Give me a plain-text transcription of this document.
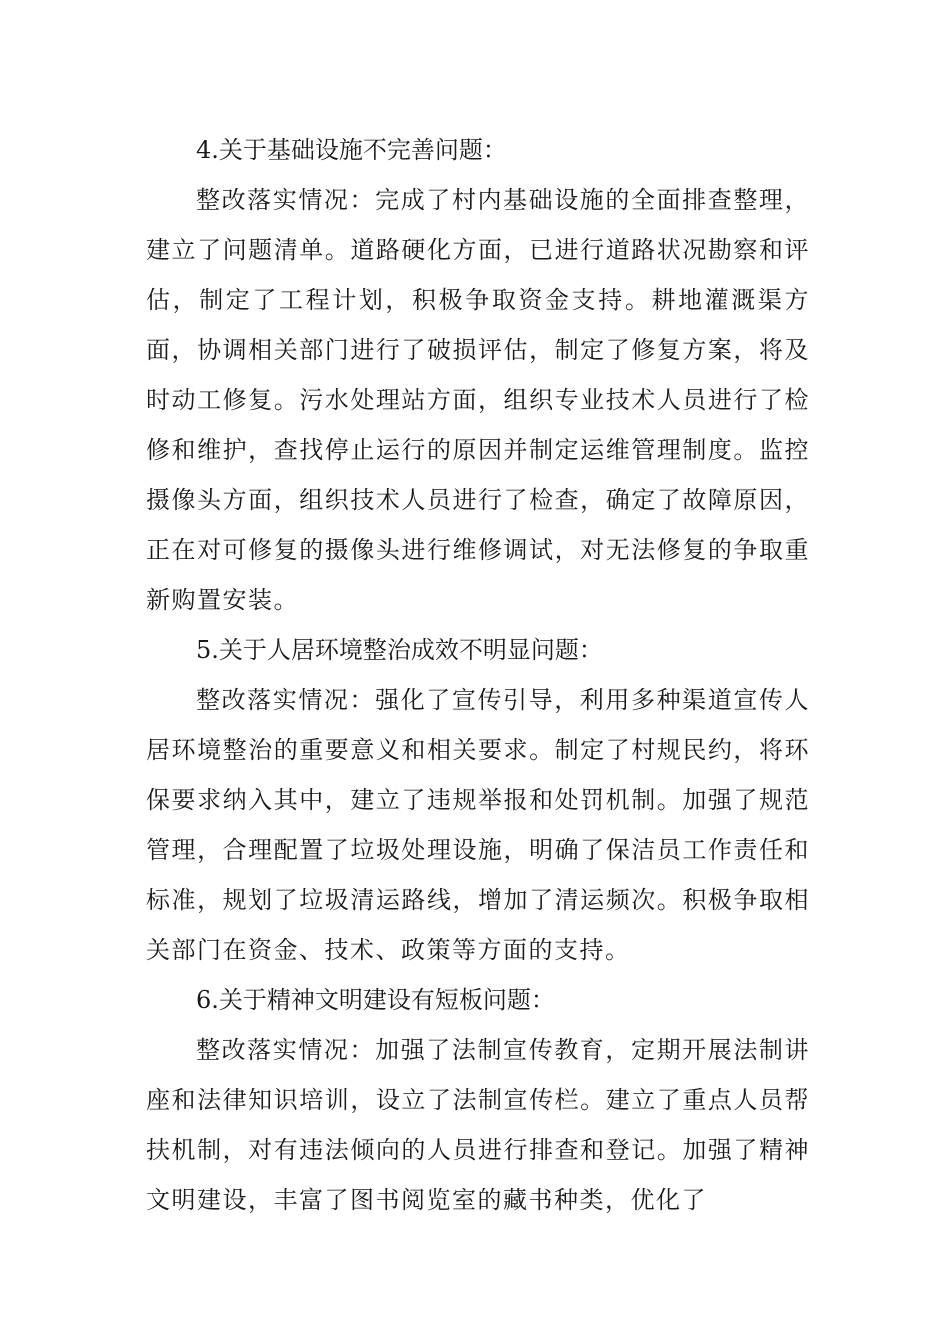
4.关于基础设施不完善问题：

整改落实情况：完成了村内基础设施的全面排查整理，建立了问题清单。道路硬化方面，已进行道路状况勘察和评估，制定了工程计划，积极争取资金支持。耕地灌溉渠方面，协调相关部门进行了破损评估，制定了修复方案，将及时动工修复。污水处理站方面，组织专业技术人员进行了检修和维护，查找停止运行的原因并制定运维管理制度。监控摄像头方面，组织技术人员进行了检查，确定了故障原因，正在对可修复的摄像头进行维修调试，对无法修复的争取重新购置安装。

5.关于人居环境整治成效不明显问题：

整改落实情况：强化了宣传引导，利用多种渠道宣传人居环境整治的重要意义和相关要求。制定了村规民约，将环保要求纳入其中，建立了违规举报和处罚机制。加强了规范管理，合理配置了垃圾处理设施，明确了保洁员工作责任和标准，规划了垃圾清运路线，增加了清运频次。积极争取相关部门在资金、技术、政策等方面的支持。

6.关于精神文明建设有短板问题：

整改落实情况：加强了法制宣传教育，定期开展法制讲座和法律知识培训，设立了法制宣传栏。建立了重点人员帮扶机制，对有违法倾向的人员进行排查和登记。加强了精神文明建设，丰富了图书阅览室的藏书种类，优化了
